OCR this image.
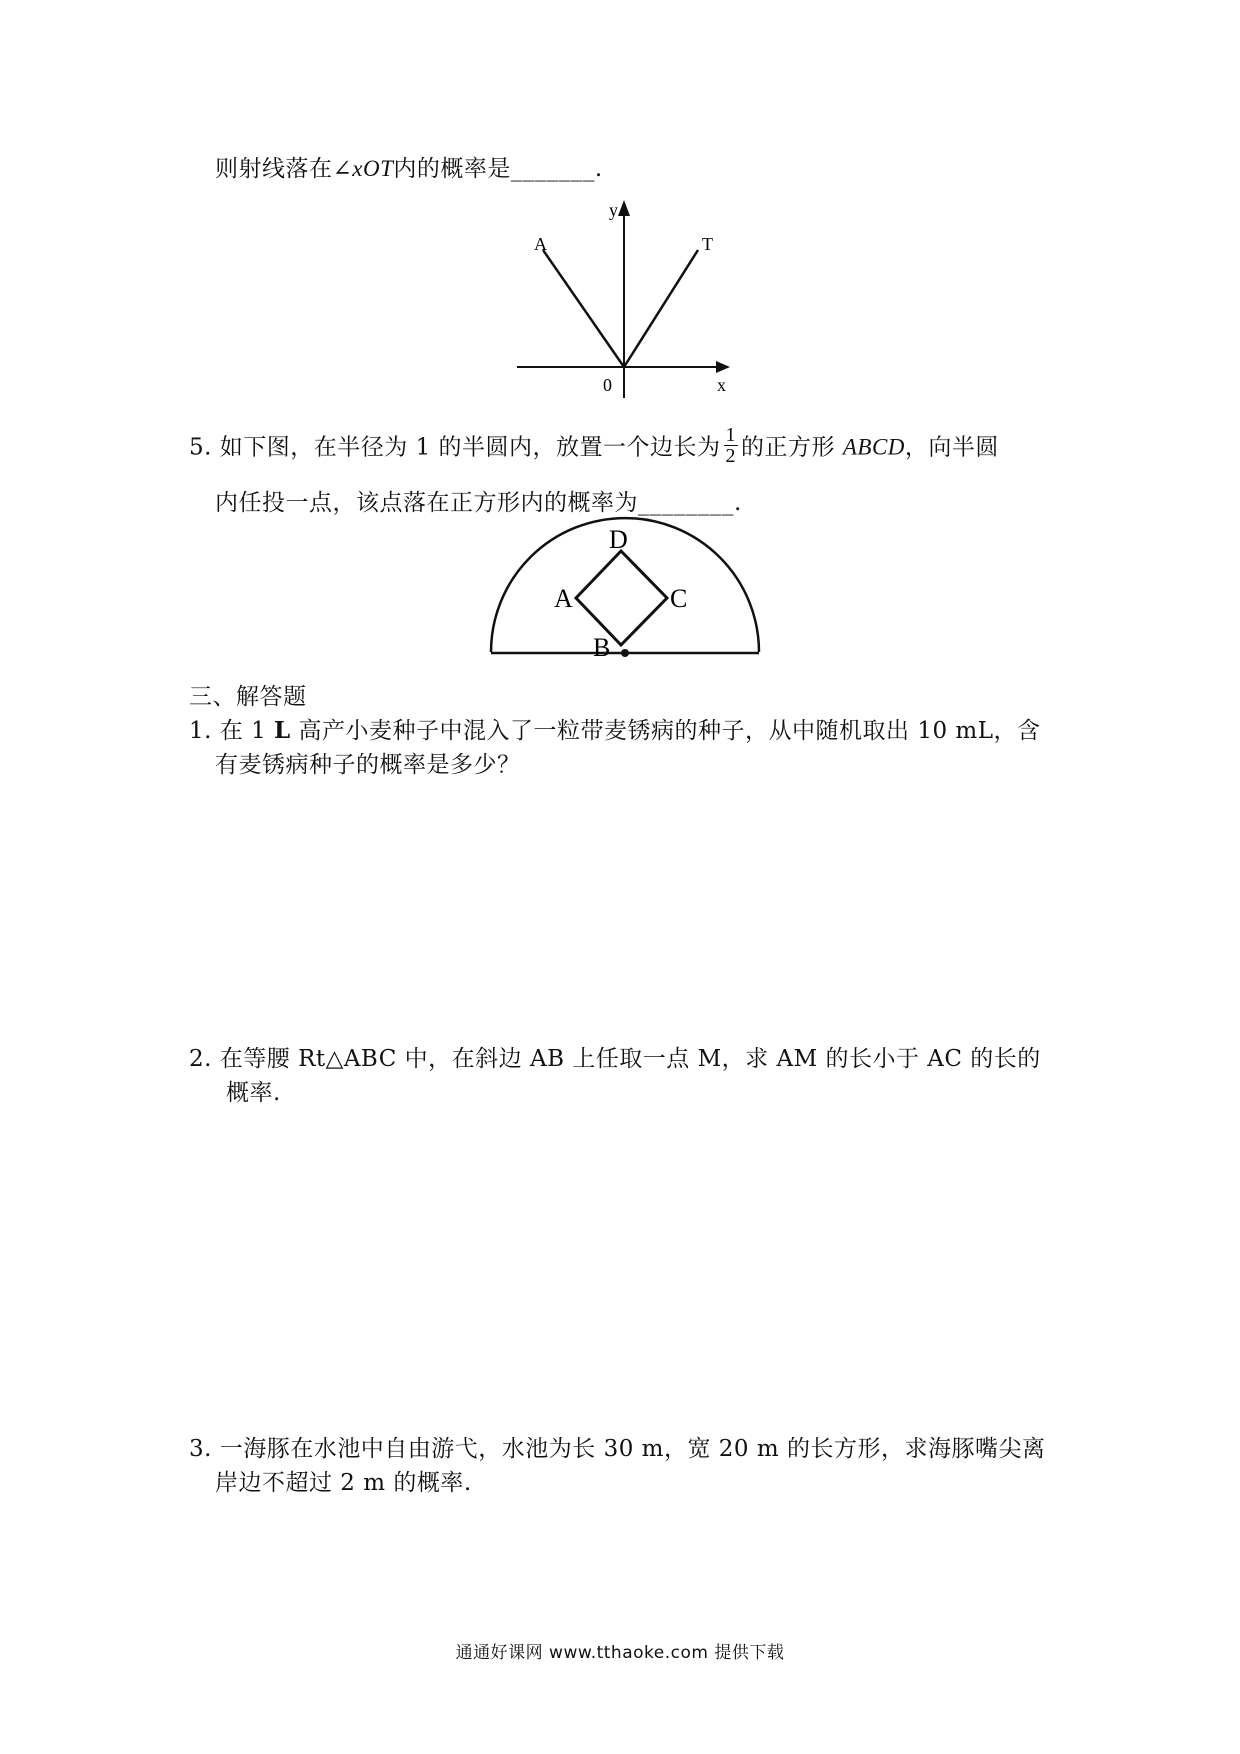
则射线落在∠xOT内的概率是_______.
y
A	T
0	x
5. 如下图，在半径为 1 的半圆内，放置一个边长为 $\frac{1}{2}$ 的正方形 ABCD，向半圆
内任投一点，该点落在正方形内的概率为________.
D
A	C
B
三、解答题
1. 在 1 L 高产小麦种子中混入了一粒带麦锈病的种子，从中随机取出 10 mL，含
有麦锈病种子的概率是多少？
2. 在等腰 Rt△ABC 中，在斜边 AB 上任取一点 M，求 AM 的长小于 AC 的长的
概率.
3. 一海豚在水池中自由游弋，水池为长 30 m，宽 20 m 的长方形，求海豚嘴尖离
岸边不超过 2 m 的概率.
通通好课网 www.tthaoke.com 提供下载
